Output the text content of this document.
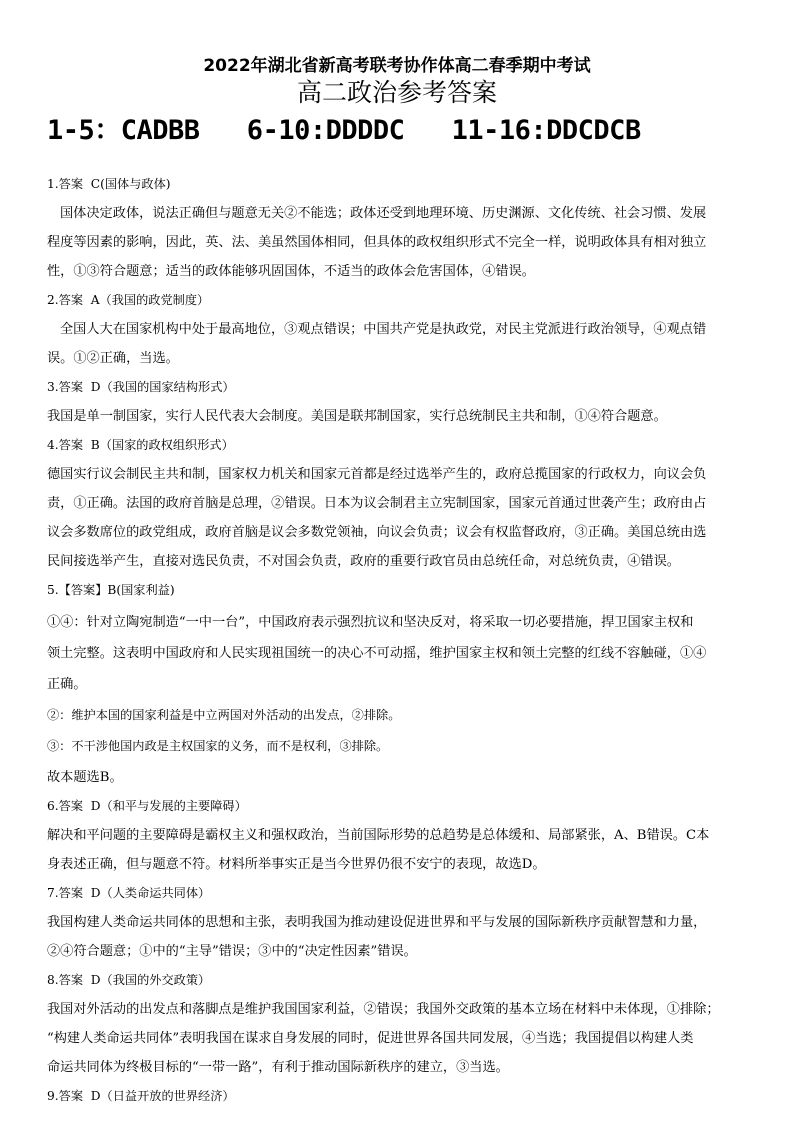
2022年湖北省新高考联考协作体高二春季期中考试
高二政治参考答案
1-5：CADBB   6-10:DDDDC   11-16:DDCDCB
1.答案  C(国体与政体)
国体决定政体，说法正确但与题意无关②不能选；政体还受到地理环境、历史渊源、文化传统、社会习惯、发展
程度等因素的影响，因此，英、法、美虽然国体相同，但具体的政权组织形式不完全一样，说明政体具有相对独立
性，①③符合题意；适当的政体能够巩固国体，不适当的政体会危害国体，④错误。
2.答案  A（我国的政党制度）
全国人大在国家机构中处于最高地位，③观点错误；中国共产党是执政党，对民主党派进行政治领导，④观点错
误。①②正确，当选。
3.答案  D（我国的国家结构形式）
我国是单一制国家，实行人民代表大会制度。美国是联邦制国家，实行总统制民主共和制，①④符合题意。
4.答案  B（国家的政权组织形式）
德国实行议会制民主共和制，国家权力机关和国家元首都是经过选举产生的，政府总揽国家的行政权力，向议会负
责，①正确。法国的政府首脑是总理，②错误。日本为议会制君主立宪制国家，国家元首通过世袭产生；政府由占
议会多数席位的政党组成，政府首脑是议会多数党领袖，向议会负责；议会有权监督政府，③正确。美国总统由选
民间接选举产生，直接对选民负责，不对国会负责，政府的重要行政官员由总统任命，对总统负责，④错误。
5.【答案】B(国家利益)
①④：针对立陶宛制造“一中一台”，中国政府表示强烈抗议和坚决反对，将采取一切必要措施，捍卫国家主权和
领土完整。这表明中国政府和人民实现祖国统一的决心不可动摇，维护国家主权和领土完整的红线不容触碰，①④
正确。
②：维护本国的国家利益是中立两国对外活动的出发点，②排除。
③：不干涉他国内政是主权国家的义务，而不是权利，③排除。
故本题选B。
6.答案  D（和平与发展的主要障碍）
解决和平问题的主要障碍是霸权主义和强权政治，当前国际形势的总趋势是总体缓和、局部紧张，A、B错误。C本
身表述正确，但与题意不符。材料所举事实正是当今世界仍很不安宁的表现，故选D。
7.答案  D（人类命运共同体）
我国构建人类命运共同体的思想和主张，表明我国为推动建设促进世界和平与发展的国际新秩序贡献智慧和力量，
②④符合题意；①中的“主导”错误；③中的“决定性因素”错误。
8.答案  D（我国的外交政策）
我国对外活动的出发点和落脚点是维护我国国家利益，②错误；我国外交政策的基本立场在材料中未体现，①排除；
“构建人类命运共同体”表明我国在谋求自身发展的同时，促进世界各国共同发展，④当选；我国提倡以构建人类
命运共同体为终极目标的“一带一路”，有利于推动国际新秩序的建立，③当选。
9.答案  D（日益开放的世界经济）
